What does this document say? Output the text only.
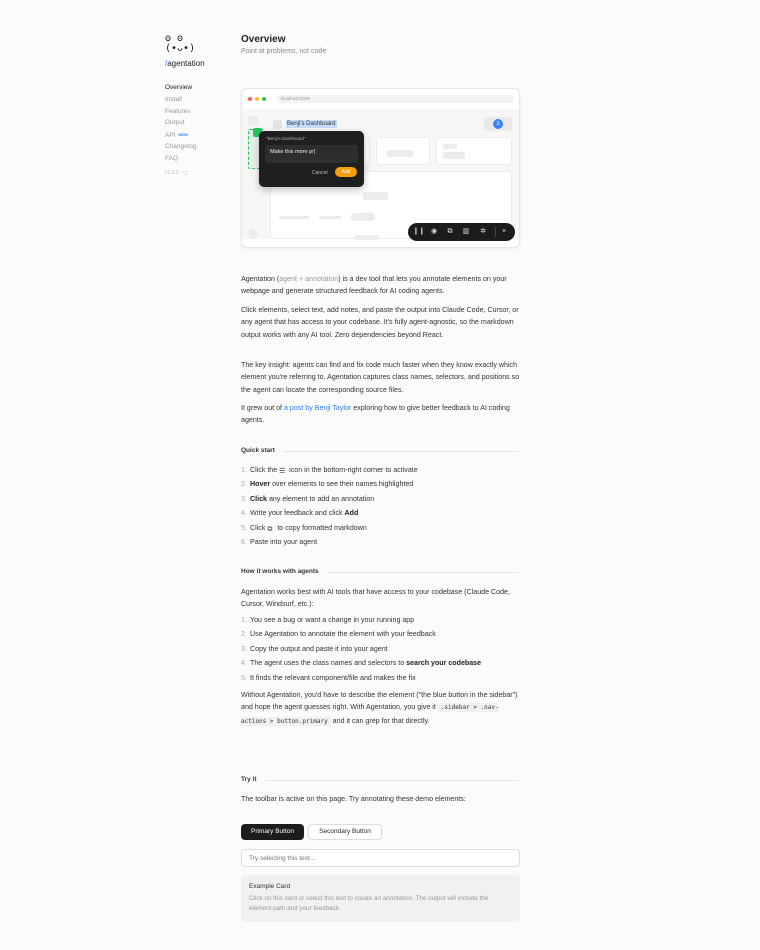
ʘ ʘ
(•ᴗ•)
/agentation
Overview
Install
Features
Output
API NEW
Changelog
FAQ
v1.5.2 · ◻
Overview

Point at problems, not code

localhost:3000
Benji's Dashboard	3
"Benji's Dashboard"
Make this more pr|
Cancel	Add
❙❙ ◉	⧉	▥ ✲	×

Agentation (agent + annotation) is a dev tool that lets you annotate elements on your webpage and generate structured feedback for AI coding agents.

Click elements, select text, add notes, and paste the output into Claude Code, Cursor, or any agent that has access to your codebase. It's fully agent-agnostic, so the markdown output works with any AI tool. Zero dependencies beyond React.

The key insight: agents can find and fix code much faster when they know exactly which element you're referring to. Agentation captures class names, selectors, and positions so the agent can locate the corresponding source files.

It grew out of a post by Benji Taylor exploring how to give better feedback to AI coding agents.

Quick start
1. Click the ☰ icon in the bottom-right corner to activate
2. Hover over elements to see their names highlighted
3. Click any element to add an annotation
4. Write your feedback and click Add
5. Click ⧉ to copy formatted markdown
6. Paste into your agent
How it works with agents

Agentation works best with AI tools that have access to your codebase (Claude Code, Cursor, Windsurf, etc.):

1. You see a bug or want a change in your running app
2. Use Agentation to annotate the element with your feedback
3. Copy the output and paste it into your agent
4. The agent uses the class names and selectors to search your codebase
5. It finds the relevant component/file and makes the fix

Without Agentation, you'd have to describe the element ("the blue button in the sidebar") and hope the agent guesses right. With Agentation, you give it .sidebar > .nav-actions > button.primary and it can grep for that directly.

Try it

The toolbar is active on this page. Try annotating these demo elements:

Primary Button	Secondary Button
Try selecting this text...
Example Card
Click on this card or select this text to create an annotation. The output will include the element path and your feedback.
